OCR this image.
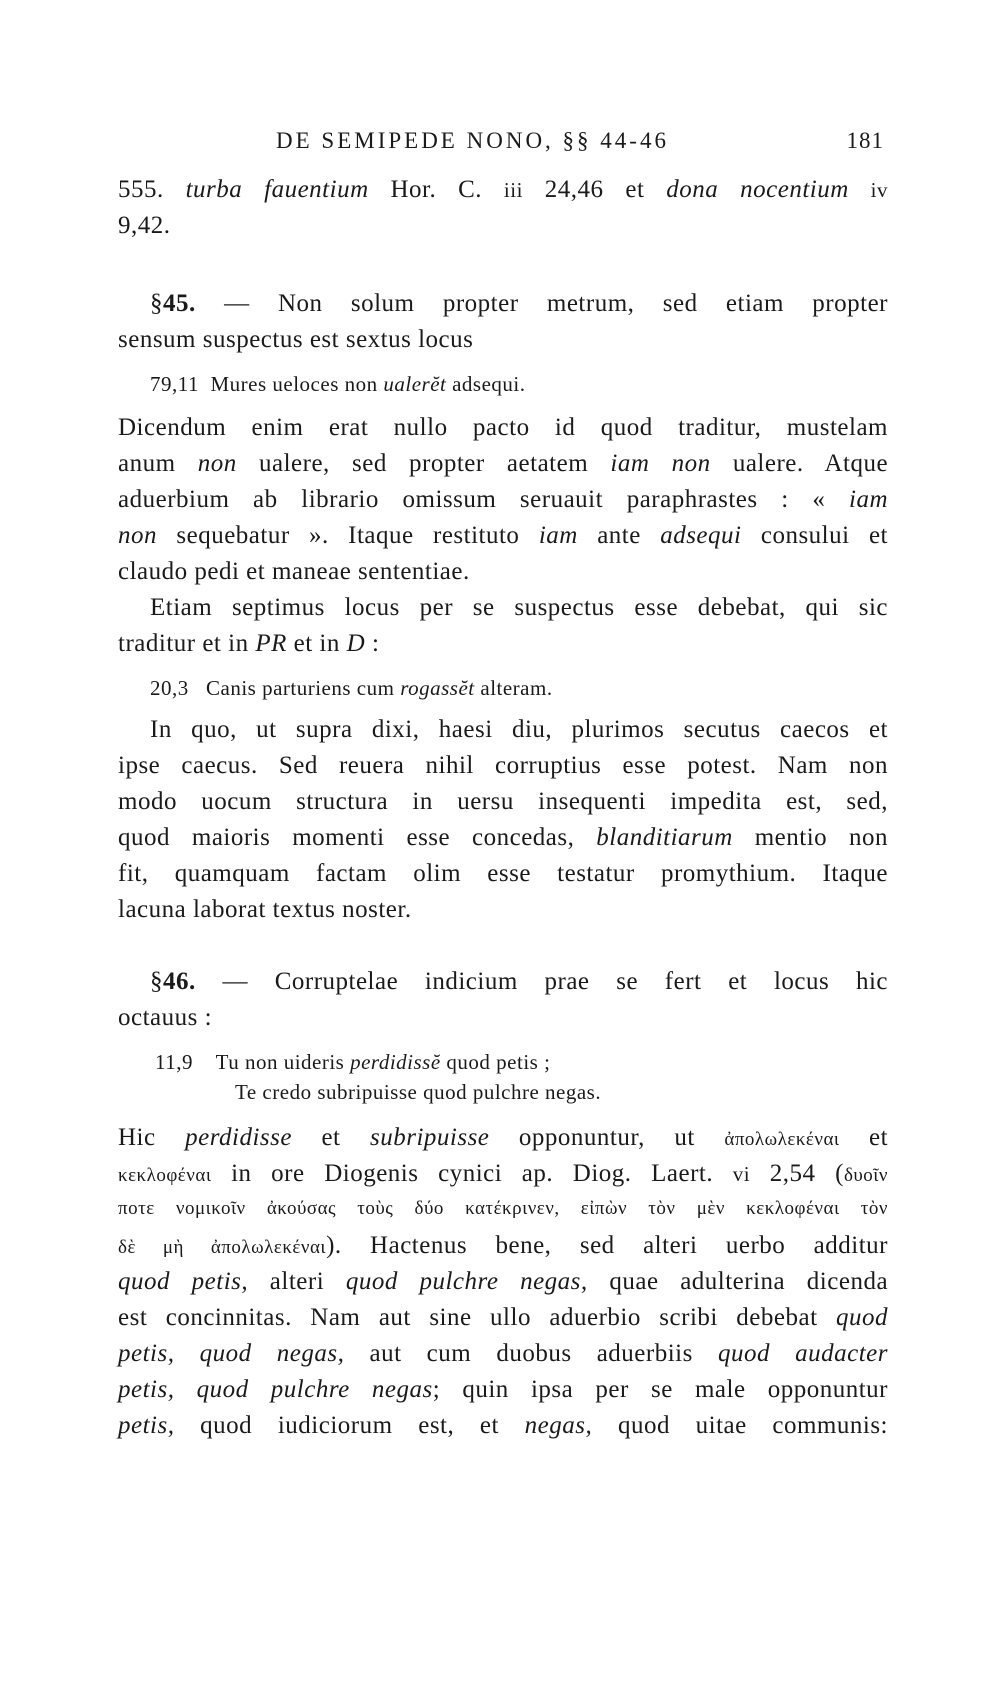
DE SEMIPEDE NONO, §§ 44-46	181
555. turba fauentium Hor. C. iii 24,46 et dona nocentium iv
9,42.
§45. — Non solum propter metrum, sed etiam propter
sensum suspectus est sextus locus
79,11 Mures ueloces non ualerĕt adsequi.
Dicendum enim erat nullo pacto id quod traditur, mustelam
anum non ualere, sed propter aetatem iam non ualere. Atque
aduerbium ab librario omissum seruauit paraphrastes : « iam
non sequebatur ». Itaque restituto iam ante adsequi consului et
claudo pedi et maneae sententiae.
Etiam septimus locus per se suspectus esse debebat, qui sic
traditur et in PR et in D :
20,3 Canis parturiens cum rogassĕt alteram.
In quo, ut supra dixi, haesi diu, plurimos secutus caecos et
ipse caecus. Sed reuera nihil corruptius esse potest. Nam non
modo uocum structura in uersu insequenti impedita est, sed,
quod maioris momenti esse concedas, blanditiarum mentio non
fit, quamquam factam olim esse testatur promythium. Itaque
lacuna laborat textus noster.
§46. — Corruptelae indicium prae se fert et locus hic
octauus :
11,9 Tu non uideris perdidissĕ quod petis ;
Te credo subripuisse quod pulchre negas.
Hic perdidisse et subripuisse opponuntur, ut ἀπολωλεκέναι et
κεκλοφέναι in ore Diogenis cynici ap. Diog. Laert. vi 2,54 (δυοῖν
ποτε νομικοῖν ἀκούσας τοὺς δύο κατέκρινεν, εἰπὼν τὸν μὲν κεκλοφέναι τὸν
δὲ μὴ ἀπολωλεκέναι). Hactenus bene, sed alteri uerbo additur
quod petis, alteri quod pulchre negas, quae adulterina dicenda
est concinnitas. Nam aut sine ullo aduerbio scribi debebat quod
petis, quod negas, aut cum duobus aduerbiis quod audacter
petis, quod pulchre negas; quin ipsa per se male opponuntur
petis, quod iudiciorum est, et negas, quod uitae communis:
